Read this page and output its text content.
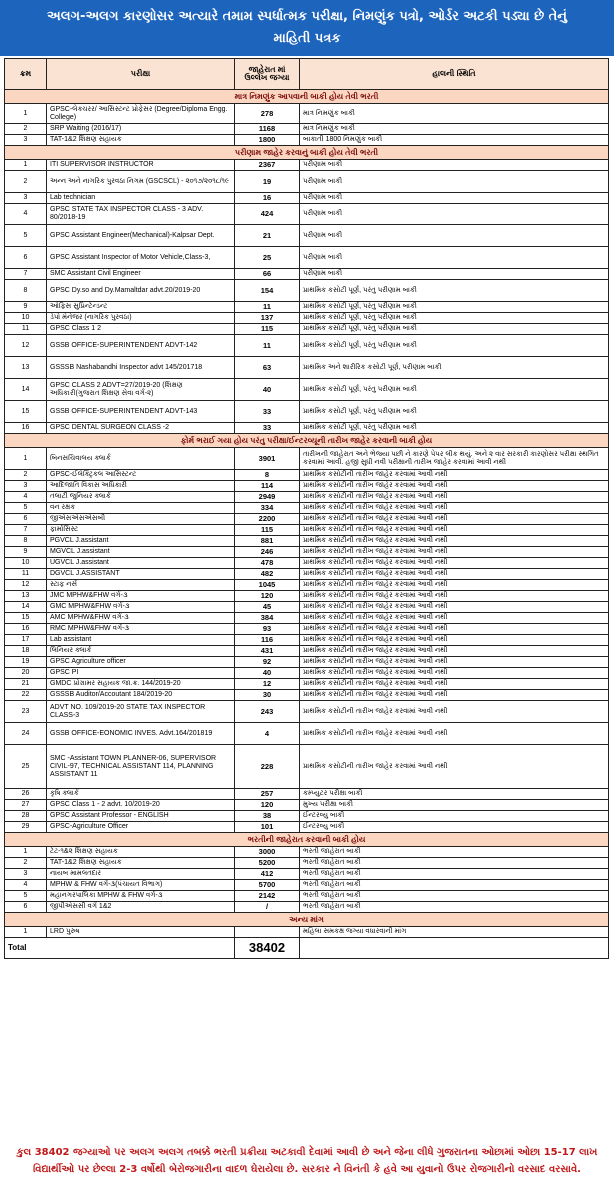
અલગ-અલગ કારણોસર અત્યારે તમામ સ્પર્ધાત્મક પરીક્ષા, નિમણુંક પત્રો, ઓર્ડર અટકી પડ્યા છે તેનું
માહિતી પત્રક
ક્રમ	પરીક્ષા	જાહેરાત માં ઉલ્લેખ જગ્યા	હાલની સ્થિતિ
માત્ર નિમણુંક આપવાની બાકી હોય તેવી ભરતી			
1	GPSC-લેક્ચરર/ આસિસ્ટન્ટ પ્રોફેસર (Degree/Diploma Engg. College)	278	માત્ર નિમણુંક બાકી
2	SRP Waiting (2016/17)	1168	માત્ર નિમણુંક બાકી
3	TAT-1&2 શિક્ષણ સહાયક	1800	બાકાતી 1800 નિમણુંક બાકી
પરીણામ જાહેર કરવાનું બાકી હોય તેવી ભરતી			
1	ITI SUPERVISOR INSTRUCTOR	2367	પરીણામ બાકી
2	અન્ન અને નાગરિક પુરવઠા નિગમ (GSCSCL) - ૨૦૧૭/૨૦૧૮/૧૯	19	પરીણામ બાકી
3	Lab technician	16	પરીણામ બાકી
4	GPSC STATE TAX INSPECTOR CLASS - 3 ADV. 80/2018-19	424	પરીણામ બાકી
5	GPSC Assistant Engineer(Mechanical)-Kalpsar Dept.	21	પરીણામ બાકી
6	GPSC Assistant Inspector of Motor Vehicle,Class-3,	25	પરીણામ બાકી
7	SMC Assistant Civil Engineer	66	પરીણામ બાકી
8	GPSC Dy.so and Dy.Mamaltdar advt.20/2019-20	154	પ્રાથમિક કસોટી પૂર્ણ, પરંતુ પરીણામ બાકી
9	ઓફિસ સુપ્રિન્ટેન્ડન્ટ	11	પ્રાથમિક કસોટી પૂર્ણ, પરંતુ પરીણામ બાકી
10	ડેપો મેનેજર (નાગરિક પુરવઠા)	137	પ્રાથમિક કસોટી પૂર્ણ, પરંતુ પરીણામ બાકી
11	GPSC Class 1 2	115	પ્રાથમિક કસોટી પૂર્ણ, પરંતુ પરીણામ બાકી
12	GSSB OFFICE-SUPERINTENDENT ADVT-142	11	પ્રાથમિક કસોટી પૂર્ણ, પરંતુ પરીણામ બાકી
13	GSSSB Nashabandhi Inspector advt 145/201718	63	પ્રાથમિક અને શારીરિક કસોટી પૂર્ણ, પરીણામ બાકી
14	GPSC CLASS 2 ADVT=27/2019-20 (શિક્ષણ અધિકારી(ગુજરાત શિક્ષણ સેવા વર્ગ-૨)	40	પ્રાથમિક કસોટી પૂર્ણ, પરંતુ પરીણામ બાકી
15	GSSB OFFICE-SUPERINTENDENT ADVT-143	33	પ્રાથમિક કસોટી પૂર્ણ, પરંતુ પરીણામ બાકી
16	GPSC DENTAL SURGEON CLASS -2	33	પ્રાથમિક કસોટી પૂર્ણ, પરંતુ પરીણામ બાકી
ફોર્મ ભરાઈ ગયા હોય પરંતુ પરીક્ષા/ઈન્ટરવ્યૂની તારીખ જાહેર કરવાની બાકી હોય			
1	બિનસચિવાલય ક્લાર્ક	3901	તારીખની જાહેરાત અને ભેજ્યા પછી ને કારણે પેપર લીક થયું. અને ૨ વાર સરકારી કારણોસર પરીક્ષા સ્થગિત કરવામાં આવી. હજી સુધી નવી પરીક્ષાની તારીખ જાહેર કરવામાં આવી નથી
2	GPSC-ઈલેક્ટ્રિકલ આસિસ્ટન્ટ	8	પ્રાથમિક કસોટીની તારીખ જાહેર કરવામાં આવી નથી
3	આદિજાતિ વિકાસ અધિકારી	114	પ્રાથમિક કસોટીની તારીખ જાહેર કરવામાં આવી નથી
4	તલાટી જુનિયર ક્લાર્ક	2949	પ્રાથમિક કસોટીની તારીખ જાહેર કરવામાં આવી નથી
5	વન રક્ષક	334	પ્રાથમિક કસોટીની તારીખ જાહેર કરવામાં આવી નથી
6	જીએસએસએસબી	2200	પ્રાથમિક કસોટીની તારીખ જાહેર કરવામાં આવી નથી
7	ફાર્માસિસ્ટ	115	પ્રાથમિક કસોટીની તારીખ જાહેર કરવામાં આવી નથી
8	PGVCL J.assistant	881	પ્રાથમિક કસોટીની તારીખ જાહેર કરવામાં આવી નથી
9	MGVCL J.assistant	246	પ્રાથમિક કસોટીની તારીખ જાહેર કરવામાં આવી નથી
10	UGVCL J.assistant	478	પ્રાથમિક કસોટીની તારીખ જાહેર કરવામાં આવી નથી
11	DGVCL J.ASSISTANT	482	પ્રાથમિક કસોટીની તારીખ જાહેર કરવામાં આવી નથી
12	સ્ટાફ નર્સ	1045	પ્રાથમિક કસોટીની તારીખ જાહેર કરવામાં આવી નથી
13	JMC MPHW&FHW વર્ગ-૩	120	પ્રાથમિક કસોટીની તારીખ જાહેર કરવામાં આવી નથી
14	GMC MPHW&FHW વર્ગ-૩	45	પ્રાથમિક કસોટીની તારીખ જાહેર કરવામાં આવી નથી
15	AMC MPHW&FHW વર્ગ-૩	384	પ્રાથમિક કસોટીની તારીખ જાહેર કરવામાં આવી નથી
16	RMC MPHW&FHW વર્ગ-૩	93	પ્રાથમિક કસોટીની તારીખ જાહેર કરવામાં આવી નથી
17	Lab assistant	116	પ્રાથમિક કસોટીની તારીખ જાહેર કરવામાં આવી નથી
18	લિનિયર ક્લાર્ક	431	પ્રાથમિક કસોટીની તારીખ જાહેર કરવામાં આવી નથી
19	GPSC Agriculture officer	92	પ્રાથમિક કસોટીની તારીખ જાહેર કરવામાં આવી નથી
20	GPSC PI	40	પ્રાથમિક કસોટીની તારીખ જાહેર કરવામાં આવી નથી
21	GMDC પ્રોગ્રામર સહાયક જા.ક્ર. 144/2019-20	12	પ્રાથમિક કસોટીની તારીખ જાહેર કરવામાં આવી નથી
22	GSSSB Auditor/Accoutant 184/2019-20	30	પ્રાથમિક કસોટીની તારીખ જાહેર કરવામાં આવી નથી
23	ADVT NO. 109/2019-20 STATE TAX INSPECTOR CLASS-3	243	પ્રાથમિક કસોટીની તારીખ જાહેર કરવામાં આવી નથી
24	GSSB OFFICE-EONOMIC INVES. Advt.164/201819	4	પ્રાથમિક કસોટીની તારીખ જાહેર કરવામાં આવી નથી
25	SMC -Assistant TOWN PLANNER-06, SUPERVISOR CIVIL-97, TECHNICAL ASSISTANT 114, PLANNING ASSISTANT 11	228	પ્રાથમિક કસોટીની તારીખ જાહેર કરવામાં આવી નથી
26	કૃષિ ક્લાર્ક	257	કમ્પ્યુટર પરીક્ષા બાકી
27	GPSC Class 1 - 2 advt. 10/2019-20	120	મુખ્ય પરીક્ષા બાકી
28	GPSC Assistant Professor - ENGLISH	38	ઈન્ટરવ્યુ બાકી
29	GPSC-Agriculture Officer	101	ઈન્ટરવ્યુ બાકી
ભરતીની જાહેરાત કરવાની બાકી હોય			
1	ટેટ-૧&૨ શિક્ષણ સહાયક	3000	ભરતી જાહેરાત બાકી
2	TAT-1&2 શિક્ષણ સહાયક	5200	ભરતી જાહેરાત બાકી
3	નાયબ મામલતદાર	412	ભરતી જાહેરાત બાકી
4	MPHW & FHW વર્ગ-૩(પંચાયત વિભાગ)	5700	ભરતી જાહેરાત બાકી
5	મહાનગરપાલિકા MPHW & FHW વર્ગ-૩	2142	ભરતી જાહેરાત બાકી
6	જીપીએસસી વર્ગ 1&2	/	ભરતી જાહેરાત બાકી
અન્ય માંગ			
1	LRD પુરુષ		મહિલા સમકક્ષ જગ્યા વધારવાની માંગ
Total		38402	
કુલ 38402 જગ્યાઓ પર અલગ અલગ તબક્કે ભરતી પ્રક્રીયા અટકાવી દેવામાં આવી છે અને જેના લીધે ગુજરાતના ઓછામાં ઓછા 15-17 લાખ વિદ્યાર્થીઓ પર છેલ્લા 2-3 વર્ષોથી બેરોજગારીના વાદળ ઘેરાયેલા છે. સરકાર ને વિનંતી કે હવે આ યુવાનો ઉપર રોજગારીનો વરસાદ વરસાવે.
